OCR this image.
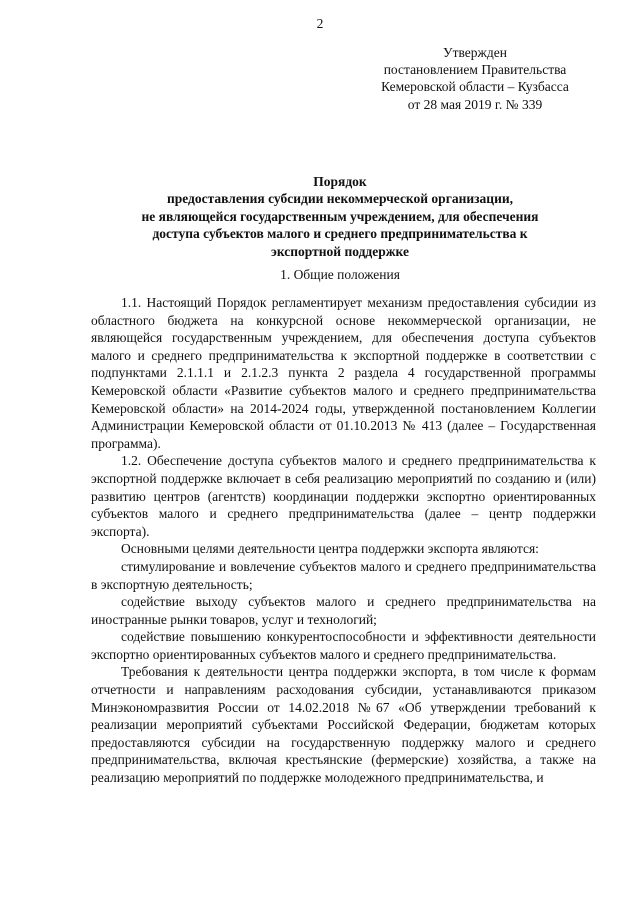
2
Утвержден
постановлением Правительства
Кемеровской области – Кузбасса
от 28 мая 2019 г. № 339
Порядок
предоставления субсидии некоммерческой организации,
не являющейся государственным учреждением, для обеспечения
доступа субъектов малого и среднего предпринимательства к
экспортной поддержке
1. Общие положения

1.1. Настоящий Порядок регламентирует механизм предоставления субсидии из областного бюджета на конкурсной основе некоммерческой организации, не являющейся государственным учреждением, для обеспечения доступа субъектов малого и среднего предпринимательства к экспортной поддержке в соответствии с подпунктами 2.1.1.1 и 2.1.2.3 пункта 2 раздела 4 государственной программы Кемеровской области «Развитие субъектов малого и среднего предпринимательства Кемеровской области» на 2014-2024 годы, утвержденной постановлением Коллегии Администрации Кемеровской области от 01.10.2013 № 413 (далее – Государственная программа).

1.2. Обеспечение доступа субъектов малого и среднего предпринимательства к экспортной поддержке включает в себя реализацию мероприятий по созданию и (или) развитию центров (агентств) координации поддержки экспортно ориентированных субъектов малого и среднего предпринимательства (далее – центр поддержки экспорта).

Основными целями деятельности центра поддержки экспорта являются:

стимулирование и вовлечение субъектов малого и среднего предпринимательства в экспортную деятельность;

содействие выходу субъектов малого и среднего предпринимательства на иностранные рынки товаров, услуг и технологий;

содействие повышению конкурентоспособности и эффективности деятельности экспортно ориентированных субъектов малого и среднего предпринимательства.

Требования к деятельности центра поддержки экспорта, в том числе к формам отчетности и направлениям расходования субсидии, устанавливаются приказом Минэкономразвития России от 14.02.2018 №67 «Об утверждении требований к реализации мероприятий субъектами Российской Федерации, бюджетам которых предоставляются субсидии на государственную поддержку малого и среднего предпринимательства, включая крестьянские (фермерские) хозяйства, а также на реализацию мероприятий по поддержке молодежного предпринимательства, и
